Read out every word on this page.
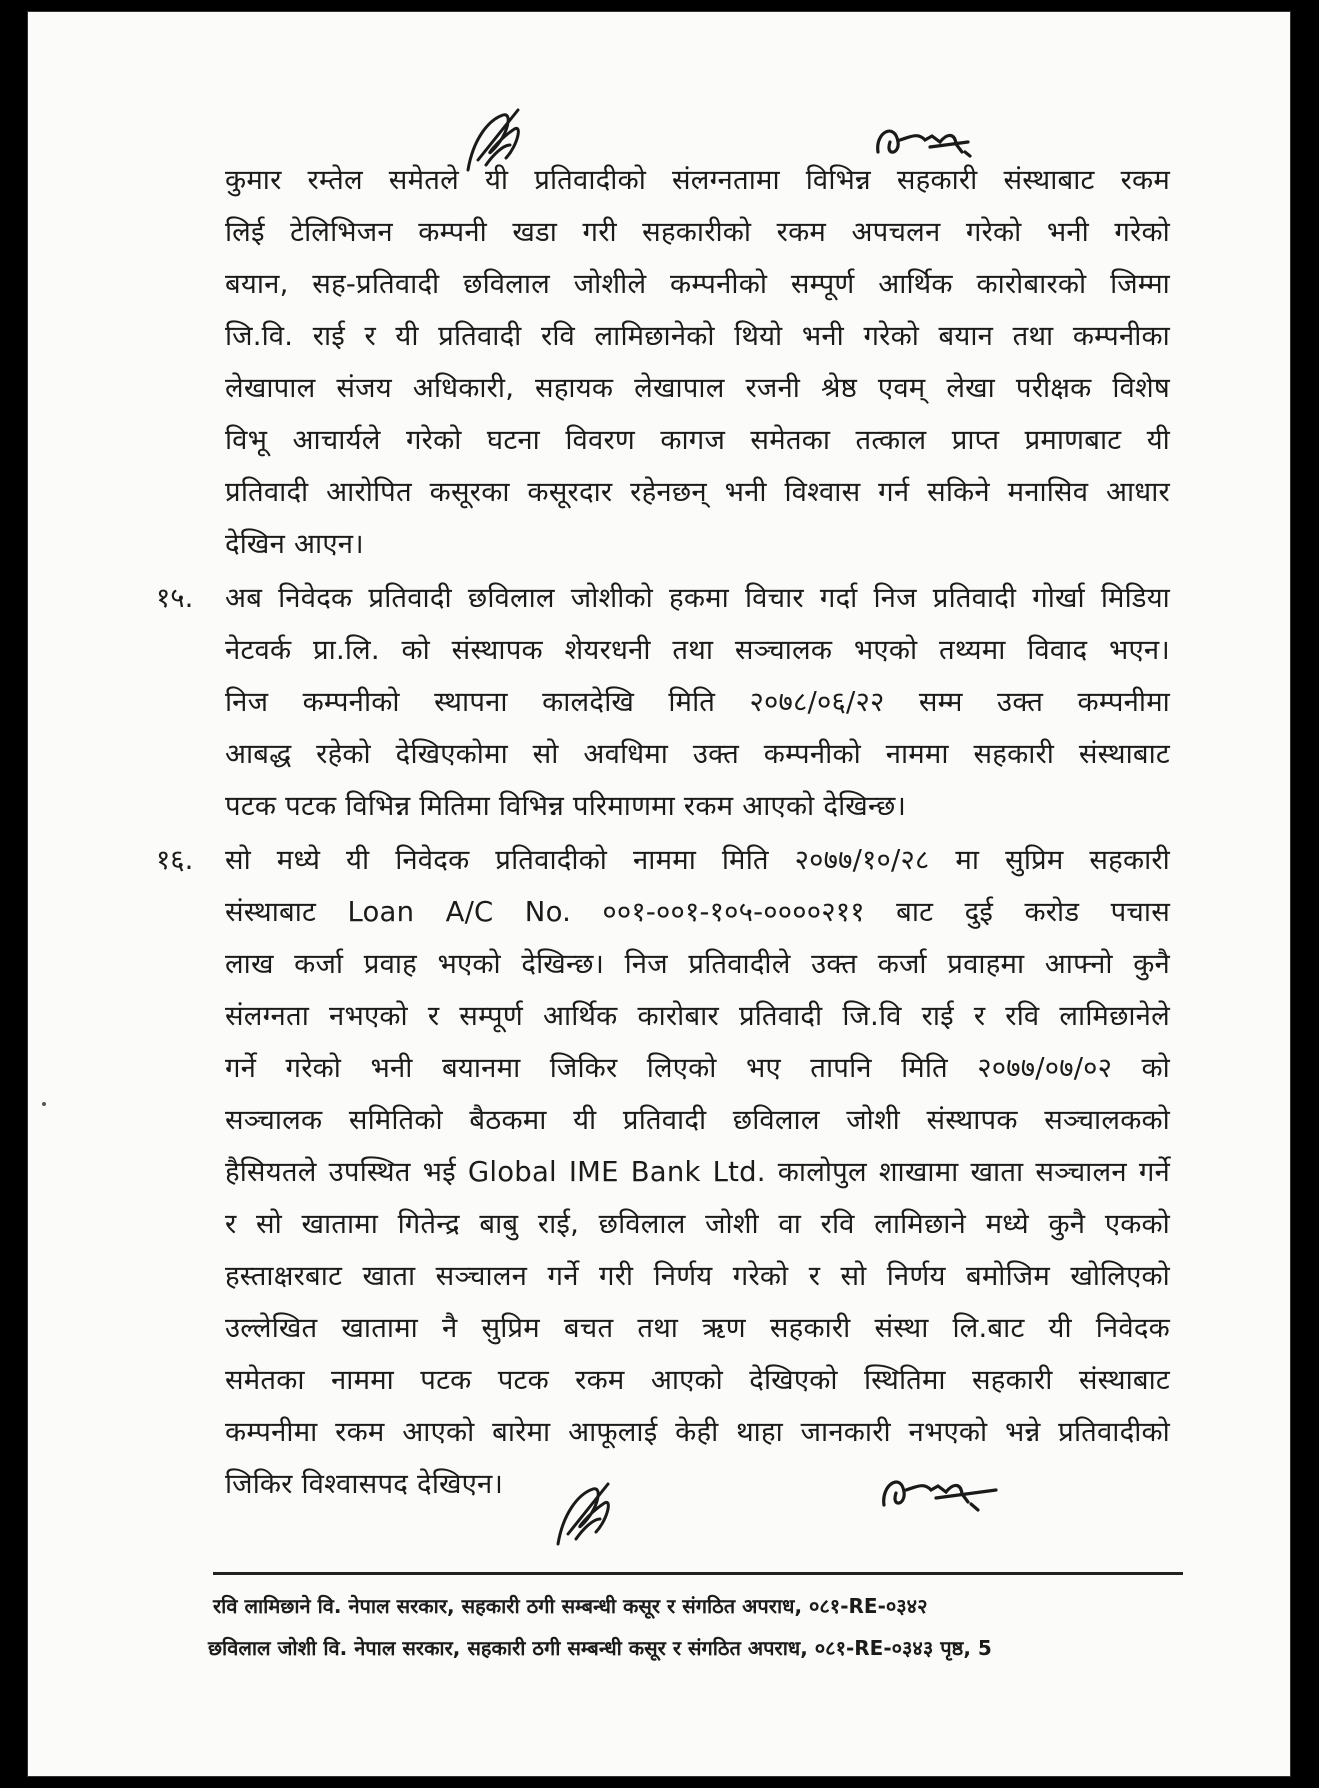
कुमार रम्तेल समेतले यी प्रतिवादीको संलग्नतामा विभिन्न सहकारी संस्थाबाट रकम
लिई टेलिभिजन कम्पनी खडा गरी सहकारीको रकम अपचलन गरेको भनी गरेको
बयान, सह-प्रतिवादी छविलाल जोशीले कम्पनीको सम्पूर्ण आर्थिक कारोबारको जिम्मा
जि.वि. राई र यी प्रतिवादी रवि लामिछानेको थियो भनी गरेको बयान तथा कम्पनीका
लेखापाल संजय अधिकारी, सहायक लेखापाल रजनी श्रेष्ठ एवम् लेखा परीक्षक विशेष
विभू आचार्यले गरेको घटना विवरण कागज समेतका तत्काल प्राप्त प्रमाणबाट यी
प्रतिवादी आरोपित कसूरका कसूरदार रहेनछन् भनी विश्वास गर्न सकिने मनासिव आधार
देखिन आएन।
१५. अब निवेदक प्रतिवादी छविलाल जोशीको हकमा विचार गर्दा निज प्रतिवादी गोर्खा मिडिया
नेटवर्क प्रा.लि. को संस्थापक शेयरधनी तथा सञ्चालक भएको तथ्यमा विवाद भएन।
निज कम्पनीको स्थापना कालदेखि मिति २०७८/०६/२२ सम्म उक्त कम्पनीमा
आबद्ध रहेको देखिएकोमा सो अवधिमा उक्त कम्पनीको नाममा सहकारी संस्थाबाट
पटक पटक विभिन्न मितिमा विभिन्न परिमाणमा रकम आएको देखिन्छ।
१६. सो मध्ये यी निवेदक प्रतिवादीको नाममा मिति २०७७/१०/२८ मा सुप्रिम सहकारी
संस्थाबाट Loan A/C No. ००१-००१-१०५-००००२११ बाट दुई करोड पचास
लाख कर्जा प्रवाह भएको देखिन्छ। निज प्रतिवादीले उक्त कर्जा प्रवाहमा आफ्नो कुनै
संलग्नता नभएको र सम्पूर्ण आर्थिक कारोबार प्रतिवादी जि.वि राई र रवि लामिछानेले
गर्ने गरेको भनी बयानमा जिकिर लिएको भए तापनि मिति २०७७/०७/०२ को
सञ्चालक समितिको बैठकमा यी प्रतिवादी छविलाल जोशी संस्थापक सञ्चालकको
हैसियतले उपस्थित भई Global IME Bank Ltd. कालोपुल शाखामा खाता सञ्चालन गर्ने
र सो खातामा गितेन्द्र बाबु राई, छविलाल जोशी वा रवि लामिछाने मध्ये कुनै एकको
हस्ताक्षरबाट खाता सञ्चालन गर्ने गरी निर्णय गरेको र सो निर्णय बमोजिम खोलिएको
उल्लेखित खातामा नै सुप्रिम बचत तथा ऋण सहकारी संस्था लि.बाट यी निवेदक
समेतका नाममा पटक पटक रकम आएको देखिएको स्थितिमा सहकारी संस्थाबाट
कम्पनीमा रकम आएको बारेमा आफूलाई केही थाहा जानकारी नभएको भन्ने प्रतिवादीको
जिकिर विश्वासपद देखिएन।
रवि लामिछाने वि. नेपाल सरकार, सहकारी ठगी सम्बन्धी कसूर र संगठित अपराध, ०८१-RE-०३४२
छविलाल जोशी वि. नेपाल सरकार, सहकारी ठगी सम्बन्धी कसूर र संगठित अपराध, ०८१-RE-०३४३ पृष्ठ, 5
